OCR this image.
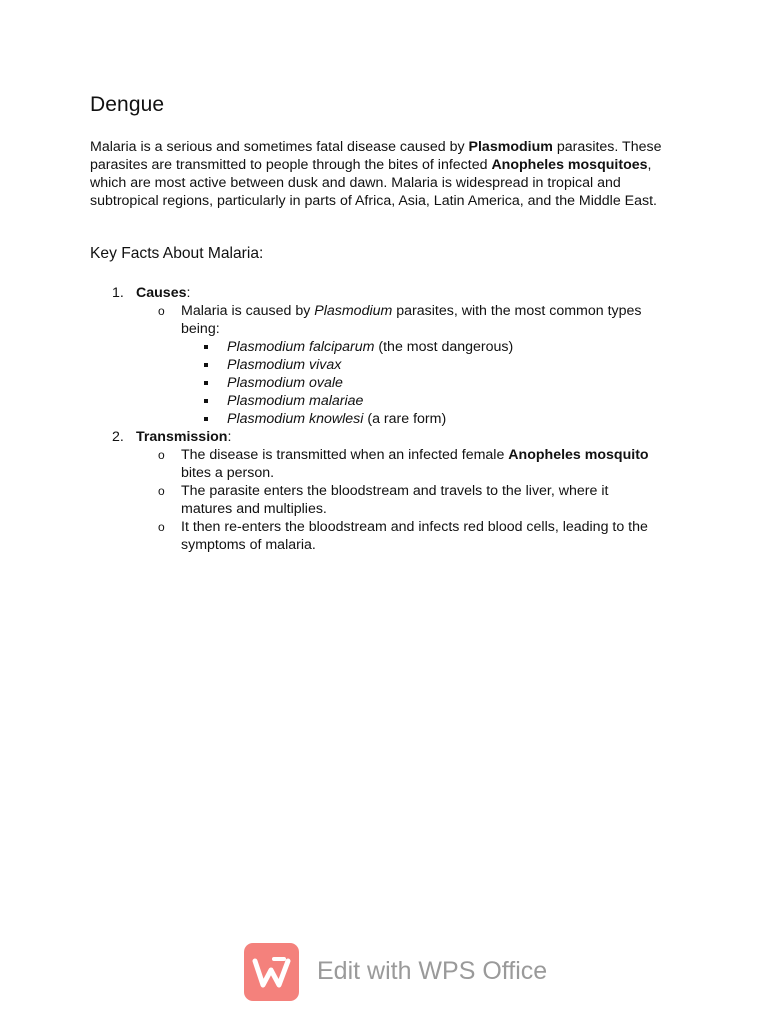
Dengue

Malaria is a serious and sometimes fatal disease caused by Plasmodium parasites. These parasites are transmitted to people through the bites of infected Anopheles mosquitoes, which are most active between dusk and dawn. Malaria is widespread in tropical and subtropical regions, particularly in parts of Africa, Asia, Latin America, and the Middle East.

Key Facts About Malaria:
1. Causes:
o Malaria is caused by Plasmodium parasites, with the most common types
being:
Plasmodium falciparum (the most dangerous)
Plasmodium vivax
Plasmodium ovale
Plasmodium malariae
Plasmodium knowlesi (a rare form)
2. Transmission:
o The disease is transmitted when an infected female Anopheles mosquito
bites a person.
o The parasite enters the bloodstream and travels to the liver, where it
matures and multiplies.
o It then re-enters the bloodstream and infects red blood cells, leading to the
symptoms of malaria.
Edit with WPS Office
